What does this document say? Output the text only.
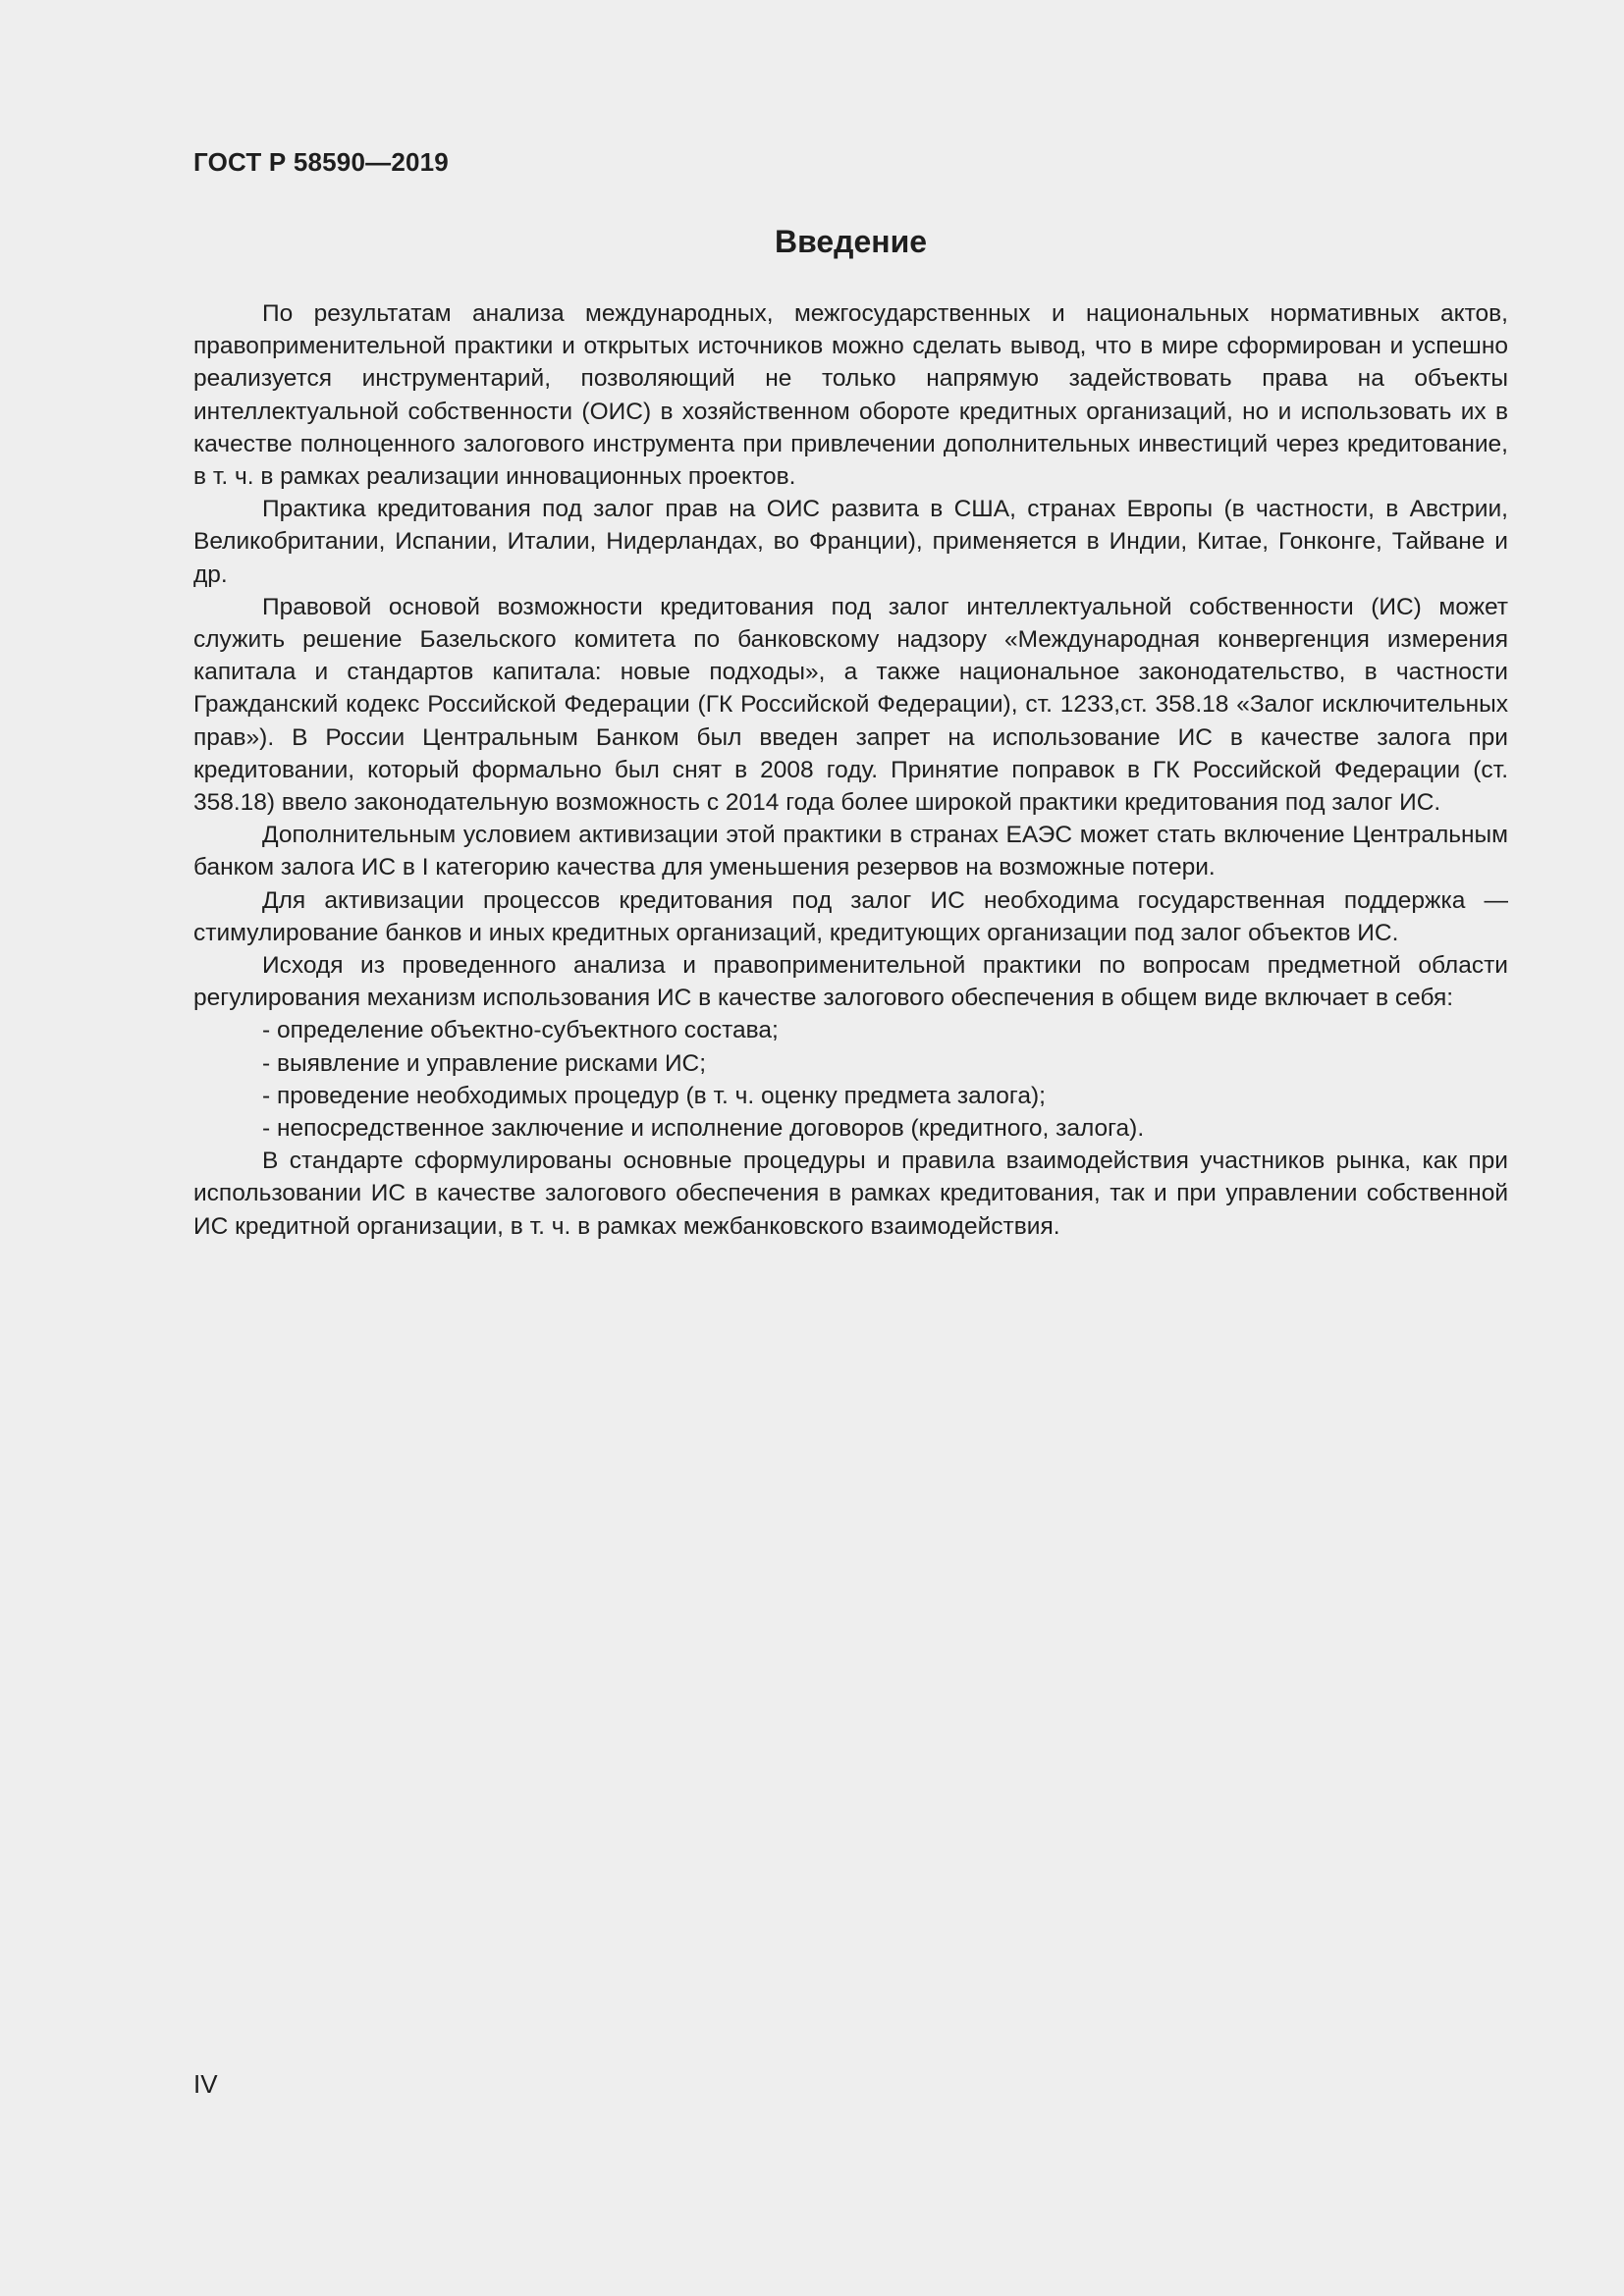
ГОСТ Р 58590—2019
Введение

По результатам анализа международных, межгосударственных и национальных нормативных актов, правоприменительной практики и открытых источников можно сделать вывод, что в мире сформирован и успешно реализуется инструментарий, позволяющий не только напрямую задействовать права на объекты интеллектуальной собственности (ОИС) в хозяйственном обороте кредитных организаций, но и использовать их в качестве полноценного залогового инструмента при привлечении дополнительных инвестиций через кредитование, в т. ч. в рамках реализации инновационных проектов.

Практика кредитования под залог прав на ОИС развита в США, странах Европы (в частности, в Австрии, Великобритании, Испании, Италии, Нидерландах, во Франции), применяется в Индии, Китае, Гонконге, Тайване и др.

Правовой основой возможности кредитования под залог интеллектуальной собственности (ИС) может служить решение Базельского комитета по банковскому надзору «Международная конвергенция измерения капитала и стандартов капитала: новые подходы», а также национальное законодательство, в частности Гражданский кодекс Российской Федерации (ГК Российской Федерации), ст. 1233,ст. 358.18 «Залог исключительных прав»). В России Центральным Банком был введен запрет на использование ИС в качестве залога при кредитовании, который формально был снят в 2008 году. Принятие поправок в ГК Российской Федерации (ст. 358.18) ввело законодательную возможность с 2014 года более широкой практики кредитования под залог ИС.

Дополнительным условием активизации этой практики в странах ЕАЭС может стать включение Центральным банком залога ИС в I категорию качества для уменьшения резервов на возможные потери.

Для активизации процессов кредитования под залог ИС необходима государственная поддержка — стимулирование банков и иных кредитных организаций, кредитующих организации под залог объектов ИС.

Исходя из проведенного анализа и правоприменительной практики по вопросам предметной области регулирования механизм использования ИС в качестве залогового обеспечения в общем виде включает в себя:

- определение объектно-субъектного состава;

- выявление и управление рисками ИС;

- проведение необходимых процедур (в т. ч. оценку предмета залога);

- непосредственное заключение и исполнение договоров (кредитного, залога).

В стандарте сформулированы основные процедуры и правила взаимодействия участников рынка, как при использовании ИС в качестве залогового обеспечения в рамках кредитования, так и при управлении собственной ИС кредитной организации, в т. ч. в рамках межбанковского взаимодействия.

IV
